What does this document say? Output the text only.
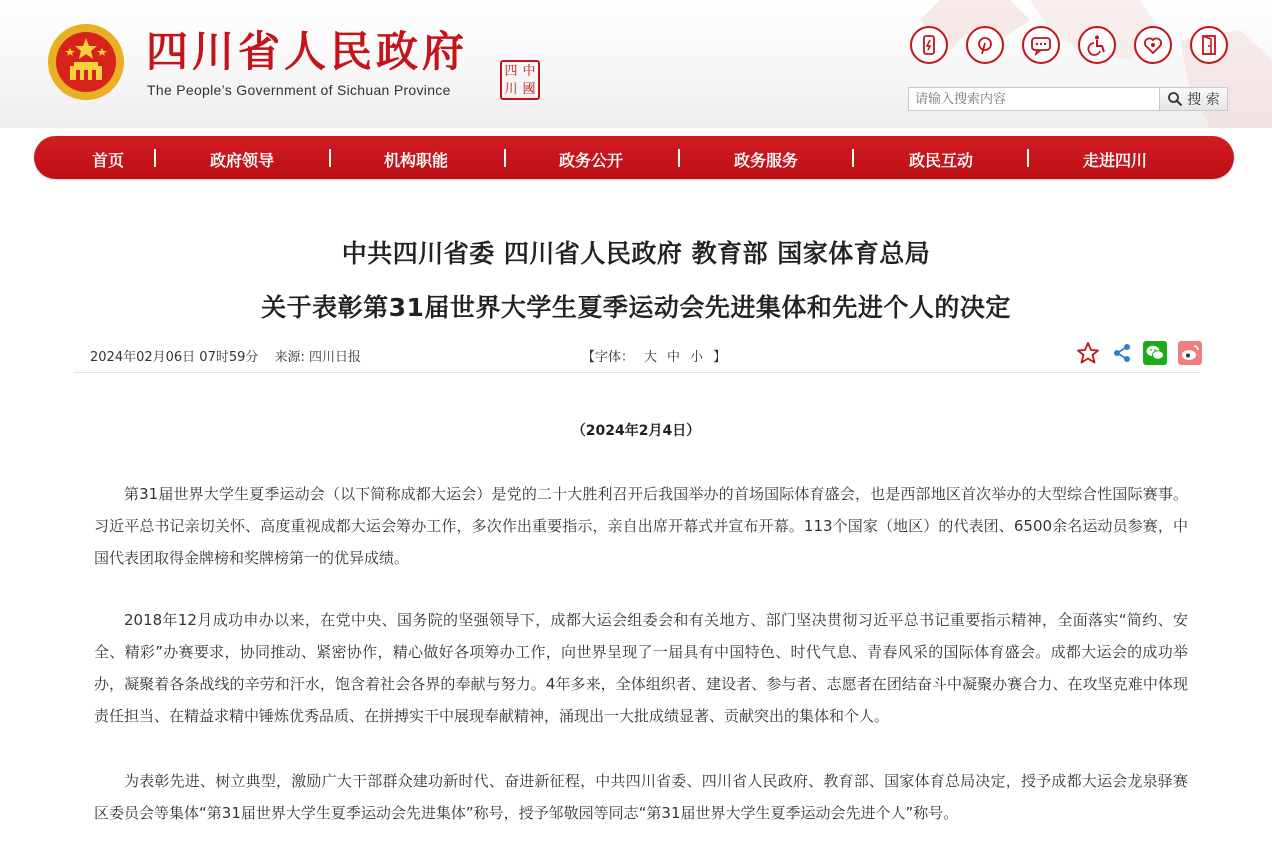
四川省人民政府
The People’s Government of Sichuan Province
四 中
川 國
请输入搜索内容
搜 索
首页	政府领导	机构职能	政务公开	政务服务	政民互动	走进四川
中共四川省委 四川省人民政府 教育部 国家体育总局
关于表彰第31届世界大学生夏季运动会先进集体和先进个人的决定
2024年02月06日 07时59分 来源: 四川日报	【字体： 大 中 小 】
（2024年2月4日）

第31届世界大学生夏季运动会（以下简称成都大运会）是党的二十大胜利召开后我国举办的首场国际体育盛会，也是西部地区首次举办的大型综合性国际赛事。习近平总书记亲切关怀、高度重视成都大运会筹办工作，多次作出重要指示，亲自出席开幕式并宣布开幕。113个国家（地区）的代表团、6500余名运动员参赛，中国代表团取得金牌榜和奖牌榜第一的优异成绩。

2018年12月成功申办以来，在党中央、国务院的坚强领导下，成都大运会组委会和有关地方、部门坚决贯彻习近平总书记重要指示精神，全面落实“简约、安全、精彩”办赛要求，协同推动、紧密协作，精心做好各项筹办工作，向世界呈现了一届具有中国特色、时代气息、青春风采的国际体育盛会。成都大运会的成功举办，凝聚着各条战线的辛劳和汗水，饱含着社会各界的奉献与努力。4年多来，全体组织者、建设者、参与者、志愿者在团结奋斗中凝聚办赛合力、在攻坚克难中体现责任担当、在精益求精中锤炼优秀品质、在拼搏实干中展现奉献精神，涌现出一大批成绩显著、贡献突出的集体和个人。

为表彰先进、树立典型，激励广大干部群众建功新时代、奋进新征程，中共四川省委、四川省人民政府、教育部、国家体育总局决定，授予成都大运会龙泉驿赛区委员会等集体“第31届世界大学生夏季运动会先进集体”称号，授予邹敬园等同志“第31届世界大学生夏季运动会先进个人”称号。
